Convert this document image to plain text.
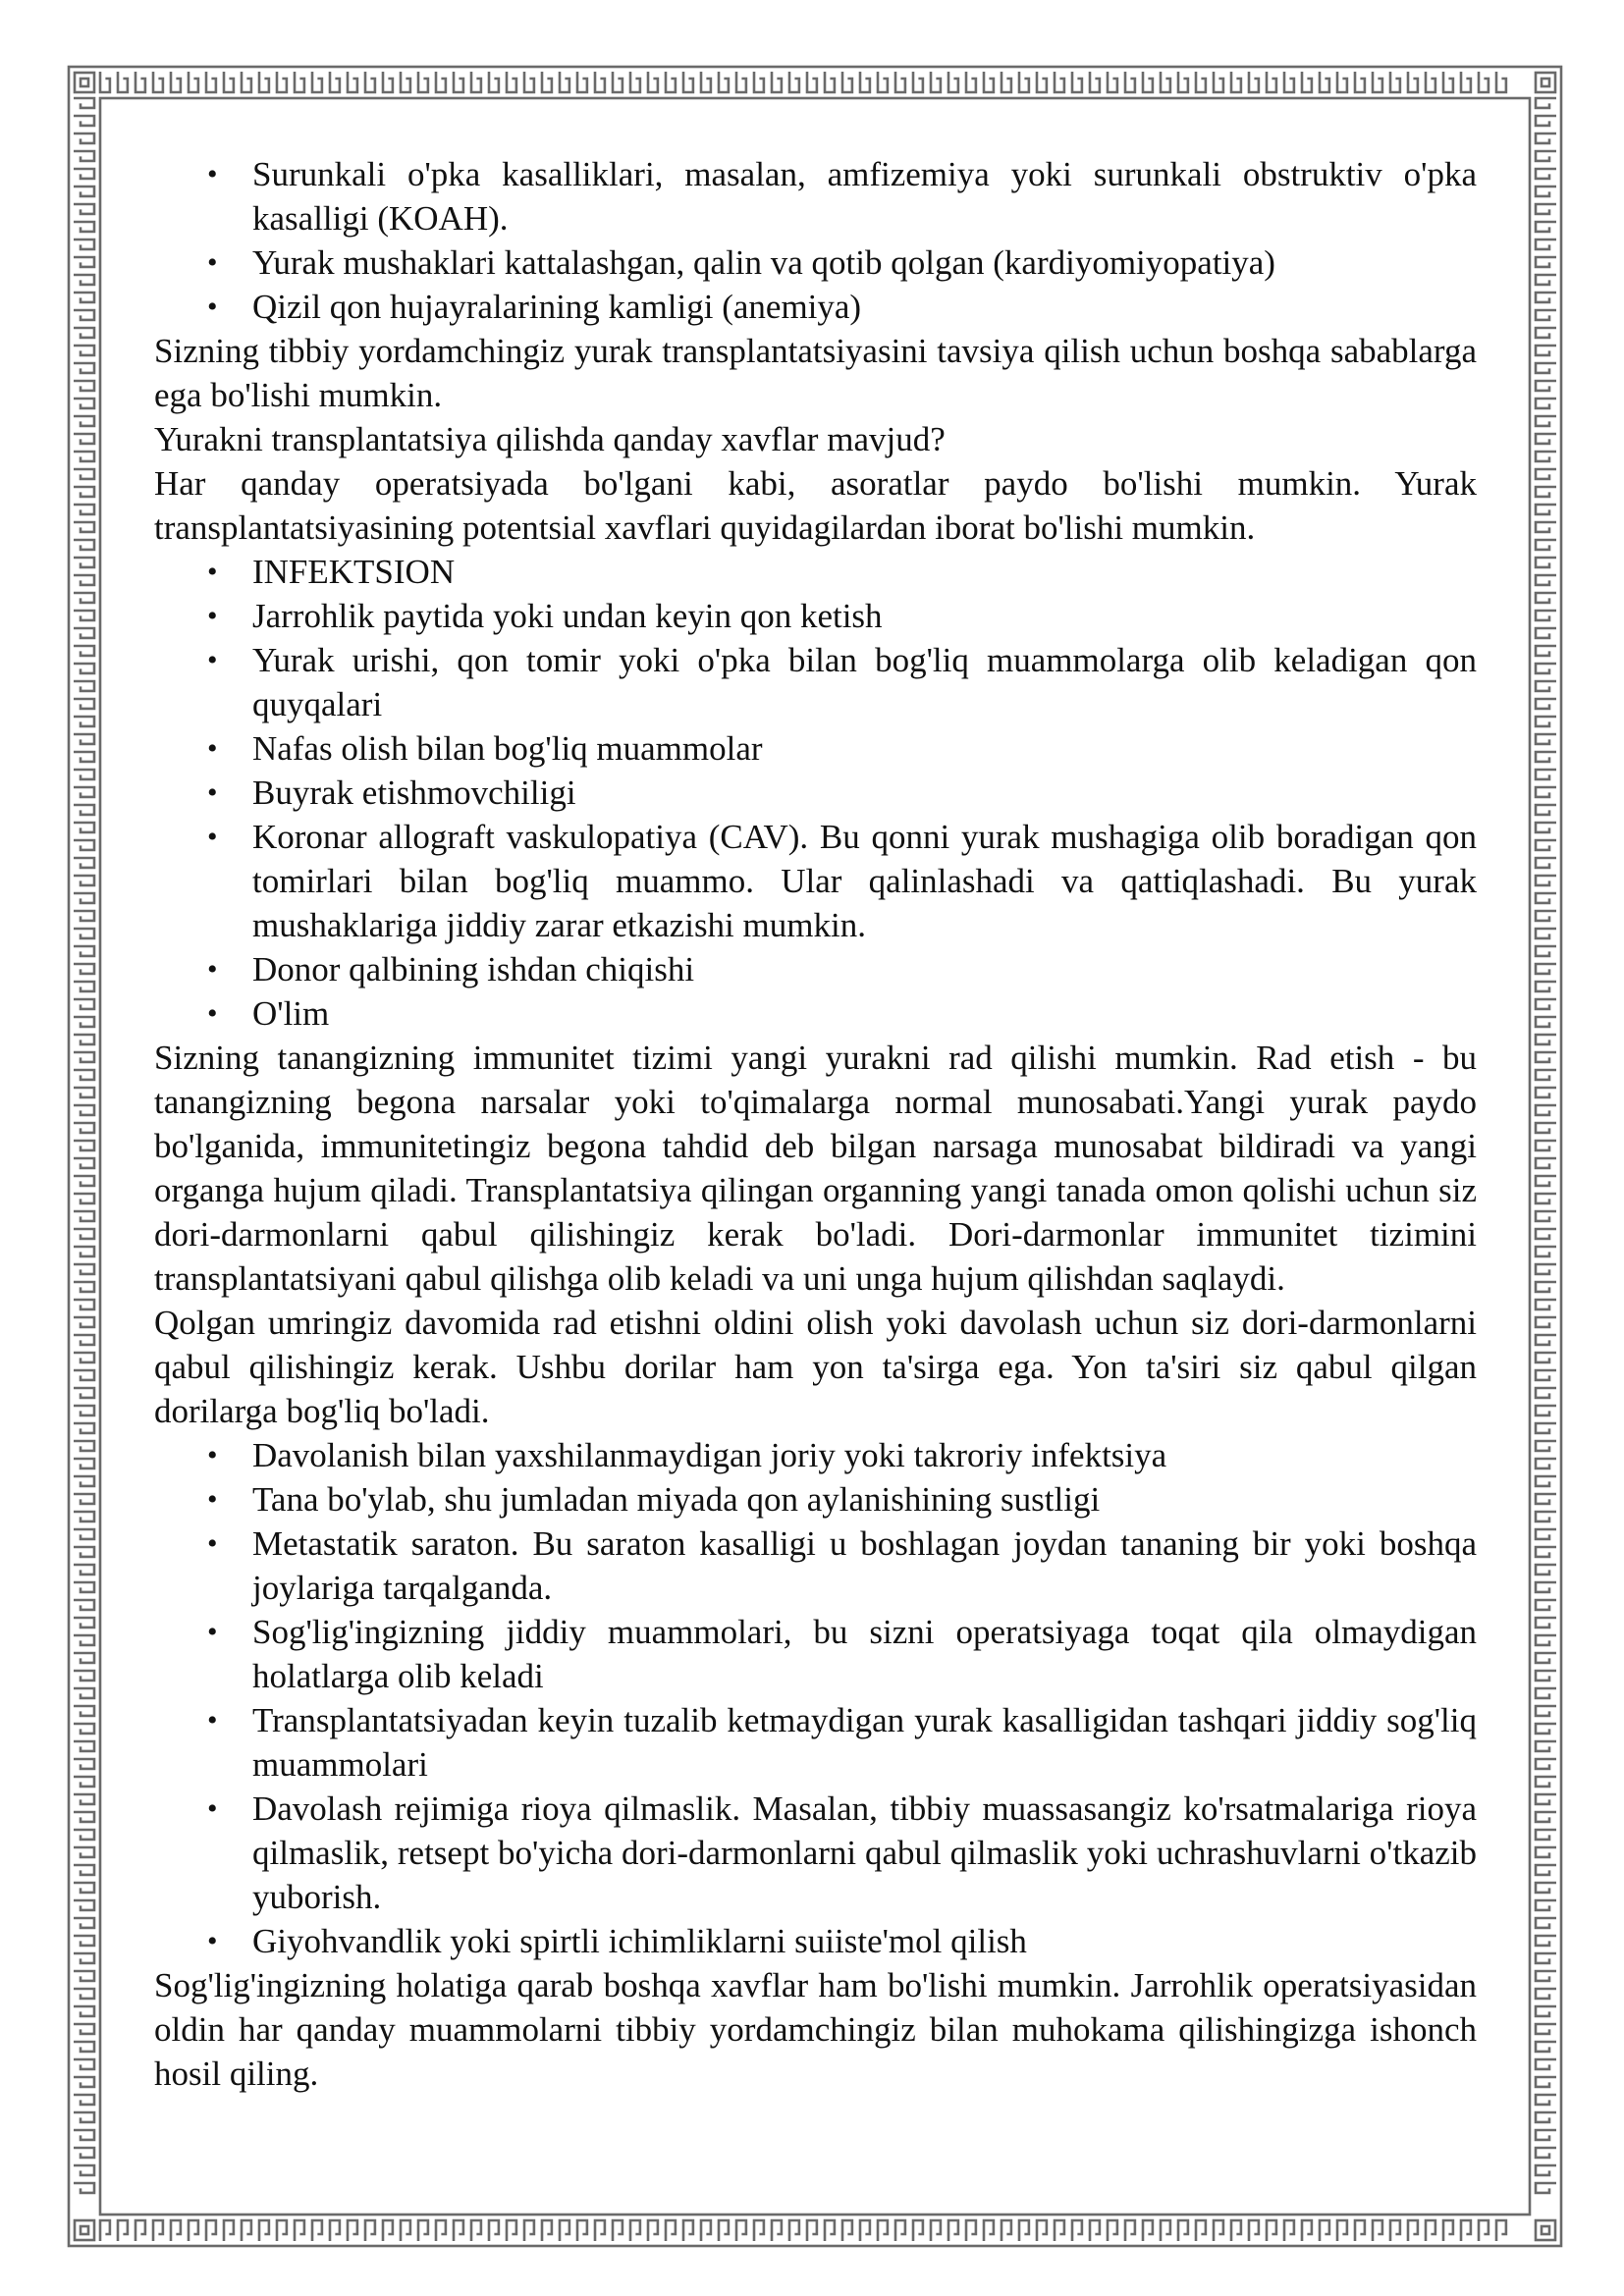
• Surunkali o'pka kasalliklari, masalan, amfizemiya yoki surunkali obstruktiv o'pka kasalligi (KOAH).
• Yurak mushaklari kattalashgan, qalin va qotib qolgan (kardiyomiyopatiya)
• Qizil qon hujayralarining kamligi (anemiya)

Sizning tibbiy yordamchingiz yurak transplantatsiyasini tavsiya qilish uchun boshqa sabablarga ega bo'lishi mumkin.

Yurakni transplantatsiya qilishda qanday xavflar mavjud?

Har qanday operatsiyada bo'lgani kabi, asoratlar paydo bo'lishi mumkin. Yurak transplantatsiyasining potentsial xavflari quyidagilardan iborat bo'lishi mumkin.

• INFEKTSION
• Jarrohlik paytida yoki undan keyin qon ketish
• Yurak urishi, qon tomir yoki o'pka bilan bog'liq muammolarga olib keladigan qon quyqalari
• Nafas olish bilan bog'liq muammolar
• Buyrak etishmovchiligi
• Koronar allograft vaskulopatiya (CAV). Bu qonni yurak mushagiga olib boradigan qon tomirlari bilan bog'liq muammo. Ular qalinlashadi va qattiqlashadi. Bu yurak mushaklariga jiddiy zarar etkazishi mumkin.
• Donor qalbining ishdan chiqishi
• O'lim

Sizning tanangizning immunitet tizimi yangi yurakni rad qilishi mumkin. Rad etish - bu tanangizning begona narsalar yoki to'qimalarga normal munosabati.Yangi yurak paydo bo'lganida, immunitetingiz begona tahdid deb bilgan narsaga munosabat bildiradi va yangi organga hujum qiladi. Transplantatsiya qilingan organning yangi tanada omon qolishi uchun siz dori-darmonlarni qabul qilishingiz kerak bo'ladi. Dori-darmonlar immunitet tizimini transplantatsiyani qabul qilishga olib keladi va uni unga hujum qilishdan saqlaydi.

Qolgan umringiz davomida rad etishni oldini olish yoki davolash uchun siz dori-darmonlarni qabul qilishingiz kerak. Ushbu dorilar ham yon ta'sirga ega. Yon ta'siri siz qabul qilgan dorilarga bog'liq bo'ladi.

• Davolanish bilan yaxshilanmaydigan joriy yoki takroriy infektsiya
• Tana bo'ylab, shu jumladan miyada qon aylanishining sustligi
• Metastatik saraton. Bu saraton kasalligi u boshlagan joydan tananing bir yoki boshqa joylariga tarqalganda.
• Sog'lig'ingizning jiddiy muammolari, bu sizni operatsiyaga toqat qila olmaydigan holatlarga olib keladi
• Transplantatsiyadan keyin tuzalib ketmaydigan yurak kasalligidan tashqari jiddiy sog'liq muammolari
• Davolash rejimiga rioya qilmaslik. Masalan, tibbiy muassasangiz ko'rsatmalariga rioya qilmaslik, retsept bo'yicha dori-darmonlarni qabul qilmaslik yoki uchrashuvlarni o'tkazib yuborish.
• Giyohvandlik yoki spirtli ichimliklarni suiiste'mol qilish

Sog'lig'ingizning holatiga qarab boshqa xavflar ham bo'lishi mumkin. Jarrohlik operatsiyasidan oldin har qanday muammolarni tibbiy yordamchingiz bilan muhokama qilishingizga ishonch hosil qiling.
